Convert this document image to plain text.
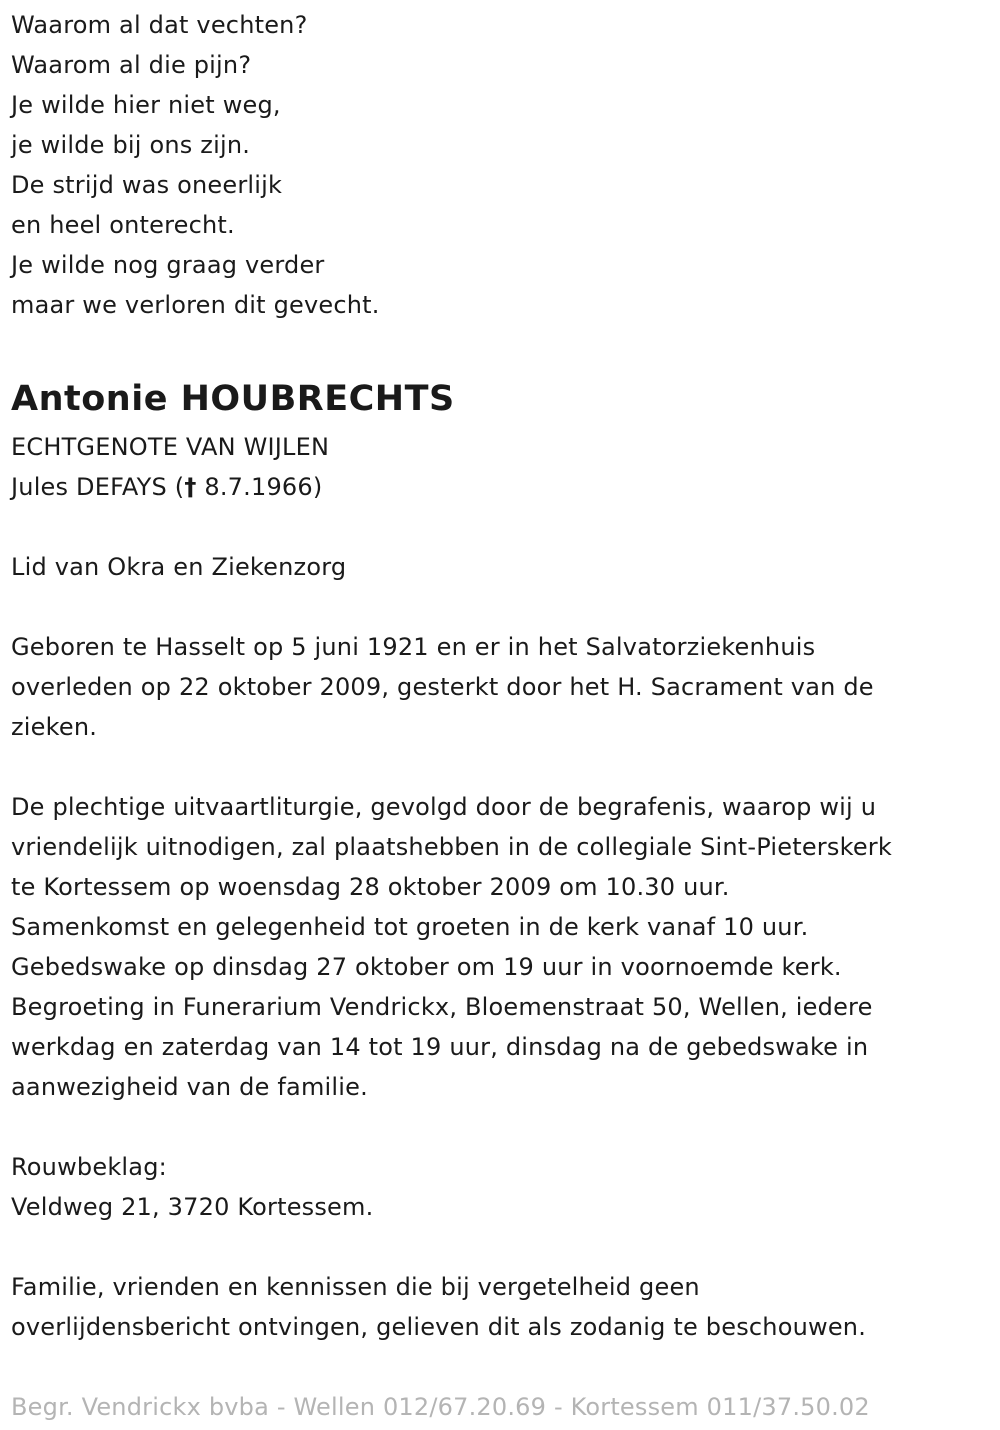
Waarom al dat vechten?
Waarom al die pijn?
Je wilde hier niet weg,
je wilde bij ons zijn.
De strijd was oneerlijk
en heel onterecht.
Je wilde nog graag verder
maar we verloren dit gevecht.
Antonie HOUBRECHTS
ECHTGENOTE VAN WIJLEN
Jules DEFAYS († 8.7.1966)
Lid van Okra en Ziekenzorg
Geboren te Hasselt op 5 juni 1921 en er in het Salvatorziekenhuis
overleden op 22 oktober 2009, gesterkt door het H. Sacrament van de
zieken.
De plechtige uitvaartliturgie, gevolgd door de begrafenis, waarop wij u
vriendelijk uitnodigen, zal plaatshebben in de collegiale Sint-Pieterskerk
te Kortessem op woensdag 28 oktober 2009 om 10.30 uur.
Samenkomst en gelegenheid tot groeten in de kerk vanaf 10 uur.
Gebedswake op dinsdag 27 oktober om 19 uur in voornoemde kerk.
Begroeting in Funerarium Vendrickx, Bloemenstraat 50, Wellen, iedere
werkdag en zaterdag van 14 tot 19 uur, dinsdag na de gebedswake in
aanwezigheid van de familie.
Rouwbeklag:
Veldweg 21, 3720 Kortessem.
Familie, vrienden en kennissen die bij vergetelheid geen
overlijdensbericht ontvingen, gelieven dit als zodanig te beschouwen.
Begr. Vendrickx bvba - Wellen 012/67.20.69 - Kortessem 011/37.50.02
